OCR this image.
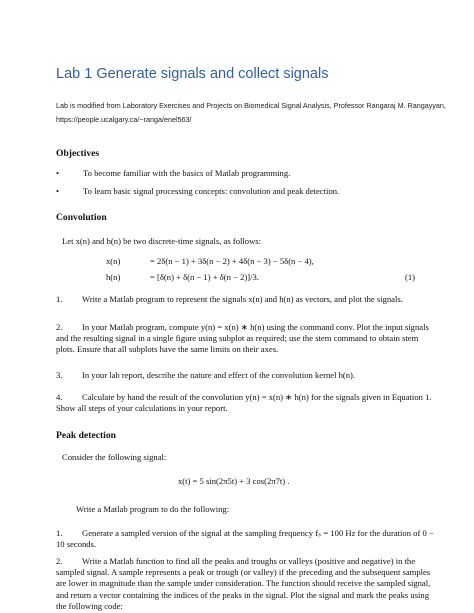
Lab 1 Generate signals and collect signals
Lab is modified from Laboratory Exercises and Projects on Biomedical Signal Analysis, Professor Rangaraj M. Rangayyan, https://people.ucalgary.ca/~ranga/enel563/
Objectives
•	To become familiar with the basics of Matlab programming.
•	To learn basic signal processing concepts: convolution and peak detection.
Convolution
Let x(n) and h(n) be two discrete-time signals, as follows:
x(n)	= 2δ(n − 1) + 3δ(n − 2) + 4δ(n − 3) − 5δ(n − 4),
h(n)	= [δ(n) + δ(n − 1) + δ(n − 2)]/3.	(1)
1. Write a Matlab program to represent the signals x(n) and h(n) as vectors, and plot the signals.
2. In your Matlab program, compute y(n) = x(n) ∗ h(n) using the command conv. Plot the input signals and the resulting signal in a single figure using subplot as required; use the stem command to obtain stem plots. Ensure that all subplots have the same limits on their axes.
3. In your lab report, describe the nature and effect of the convolution kernel h(n).
4. Calculate by hand the result of the convolution y(n) = x(n) ∗ h(n) for the signals given in Equation 1. Show all steps of your calculations in your report.
Peak detection
Consider the following signal:
x(t) = 5 sin(2π5t) + 3 cos(2π7t) .
Write a Matlab program to do the following:
1. Generate a sampled version of the signal at the sampling frequency fₛ = 100 Hz for the duration of 0 − 10 seconds.
2. Write a Matlab function to find all the peaks and troughs or valleys (positive and negative) in the sampled signal. A sample represents a peak or trough (or valley) if the preceding and the subsequent samples are lower in magnitude than the sample under consideration. The function should receive the sampled signal, and return a vector containing the indices of the peaks in the signal. Plot the signal and mark the peaks using the following code:
